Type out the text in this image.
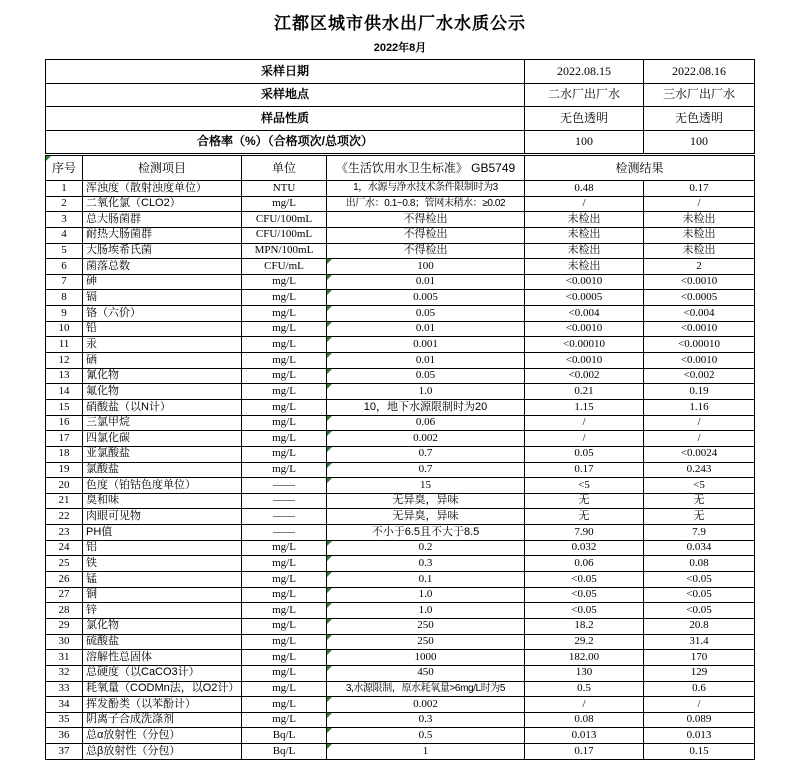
江都区城市供水出厂水水质公示
2022年8月
采样日期	2022.08.15	2022.08.16
采样地点	二水厂出厂水	三水厂出厂水
样品性质	无色透明	无色透明
合格率（%）（合格项次/总项次）	100	100
序号	检测项目	单位	《生活饮用水卫生标准》 GB5749	检测结果	
1	浑浊度（散射浊度单位）	NTU	1，水源与净水技术条件限制时为3	0.48	0.17
2	二氧化氯（CLO2）	mg/L	出厂水：0.1~0.8；管网末稍水：≥0.02	/	/
3	总大肠菌群	CFU/100mL	不得检出	未检出	未检出
4	耐热大肠菌群	CFU/100mL	不得检出	未检出	未检出
5	大肠埃希氏菌	MPN/100mL	不得检出	未检出	未检出
6	菌落总数	CFU/mL	100	未检出	2
7	砷	mg/L	0.01	<0.0010	<0.0010
8	镉	mg/L	0.005	<0.0005	<0.0005
9	铬（六价）	mg/L	0.05	<0.004	<0.004
10	铅	mg/L	0.01	<0.0010	<0.0010
11	汞	mg/L	0.001	<0.00010	<0.00010
12	硒	mg/L	0.01	<0.0010	<0.0010
13	氰化物	mg/L	0.05	<0.002	<0.002
14	氟化物	mg/L	1.0	0.21	0.19
15	硝酸盐（以N计）	mg/L	10，地下水源限制时为20	1.15	1.16
16	三氯甲烷	mg/L	0.06	/	/
17	四氯化碳	mg/L	0.002	/	/
18	亚氯酸盐	mg/L	0.7	0.05	<0.0024
19	氯酸盐	mg/L	0.7	0.17	0.243
20	色度（铂钴色度单位）	——	15	<5	<5
21	臭和味	——	无异臭，异味	无	无
22	肉眼可见物	——	无异臭，异味	无	无
23	PH值	——	不小于6.5且不大于8.5	7.90	7.9
24	铝	mg/L	0.2	0.032	0.034
25	铁	mg/L	0.3	0.06	0.08
26	锰	mg/L	0.1	<0.05	<0.05
27	铜	mg/L	1.0	<0.05	<0.05
28	锌	mg/L	1.0	<0.05	<0.05
29	氯化物	mg/L	250	18.2	20.8
30	硫酸盐	mg/L	250	29.2	31.4
31	溶解性总固体	mg/L	1000	182.00	170
32	总硬度（以CaCO3计）	mg/L	450	130	129
33	耗氧量（CODMn法，以O2计）	mg/L	3,水源限制，原水耗氧量>6mg/L时为5	0.5	0.6
34	挥发酚类（以苯酚计）	mg/L	0.002	/	/
35	阴离子合成洗涤剂	mg/L	0.3	0.08	0.089
36	总α放射性（分包）	Bq/L	0.5	0.013	0.013
37	总β放射性（分包）	Bq/L	1	0.17	0.15
